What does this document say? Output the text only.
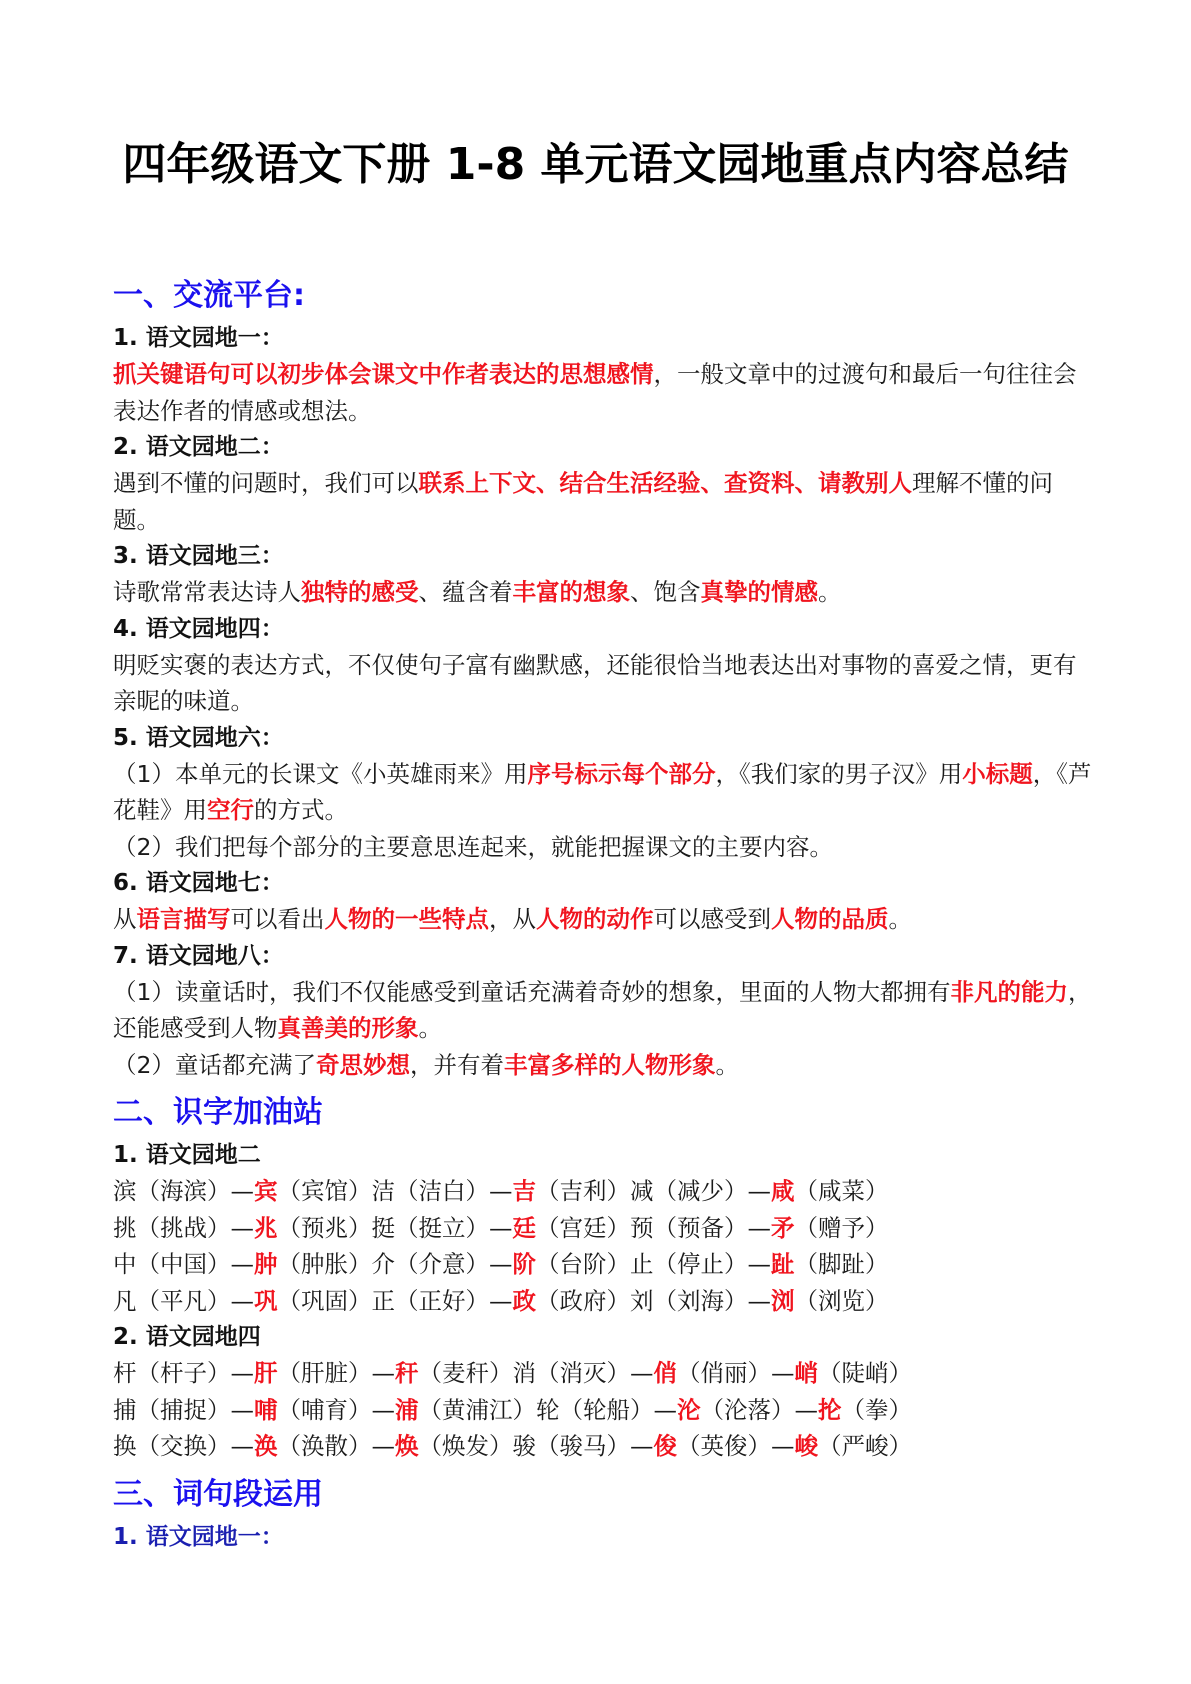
四年级语文下册 1-8 单元语文园地重点内容总结
一、交流平台:
1. 语文园地一：
抓关键语句可以初步体会课文中作者表达的思想感情，一般文章中的过渡句和最后一句往往会表达作者的情感或想法。
2. 语文园地二：
遇到不懂的问题时，我们可以联系上下文、结合生活经验、查资料、请教别人理解不懂的问题。
3. 语文园地三：
诗歌常常表达诗人独特的感受、蕴含着丰富的想象、饱含真挚的情感。
4. 语文园地四：
明贬实褒的表达方式，不仅使句子富有幽默感，还能很恰当地表达出对事物的喜爱之情，更有亲昵的味道。
5. 语文园地六：
（1）本单元的长课文《小英雄雨来》用序号标示每个部分，《我们家的男子汉》用小标题，《芦花鞋》用空行的方式。
（2）我们把每个部分的主要意思连起来，就能把握课文的主要内容。
6. 语文园地七：
从语言描写可以看出人物的一些特点，从人物的动作可以感受到人物的品质。
7. 语文园地八：
（1）读童话时，我们不仅能感受到童话充满着奇妙的想象，里面的人物大都拥有非凡的能力，还能感受到人物真善美的形象。
（2）童话都充满了奇思妙想，并有着丰富多样的人物形象。
二、识字加油站
1. 语文园地二
滨（海滨）—宾（宾馆）洁（洁白）—吉（吉利）减（减少）—咸（咸菜）
挑（挑战）—兆（预兆）挺（挺立）—廷（宫廷）预（预备）—矛（赠予）
中（中国）—肿（肿胀）介（介意）—阶（台阶）止（停止）—趾（脚趾）
凡（平凡）—巩（巩固）正（正好）—政（政府）刘（刘海）—浏（浏览）
2. 语文园地四
杆（杆子）—肝（肝脏）—秆（麦秆）消（消灭）—俏（俏丽）—峭（陡峭）
捕（捕捉）—哺（哺育）—浦（黄浦江）轮（轮船）—沦（沦落）—抡（拳）
换（交换）—涣（涣散）—焕（焕发）骏（骏马）—俊（英俊）—峻（严峻）
三、词句段运用
1. 语文园地一：
